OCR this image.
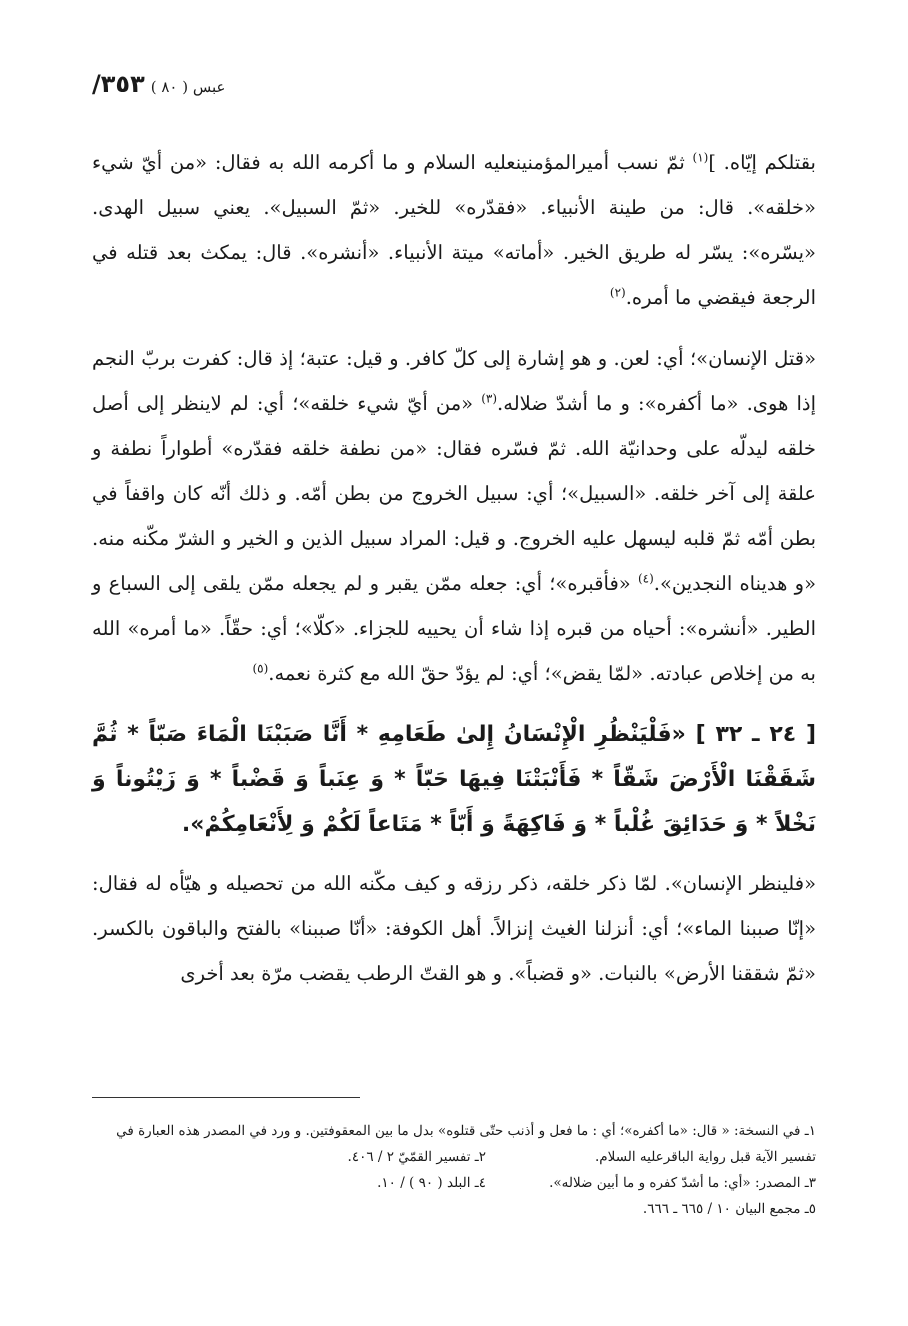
عبس ( ٨٠ )
٣٥٣/

بقتلكم إيّاه. ]$^{(١)}$ ثمّ نسب أميرالمؤمنينعليه السلام و ما أكرمه الله به فقال: «من أيّ شيء «خلقه». قال: من طينة الأنبياء. «فقدّره» للخير. «ثمّ السبيل». يعني سبيل الهدى. «يسّره»: يسّر له طريق الخير. «أماته» ميتة الأنبياء. «أنشره». قال: يمكث بعد قتله في الرجعة فيقضي ما أمره.$^{(٢)}$

«قتل الإنسان»؛ أي: لعن. و هو إشارة إلى كلّ كافر. و قيل: عتبة؛ إذ قال: كفرت بربّ النجم إذا هوى. «ما أكفره»: و ما أشدّ ضلاله.$^{(٣)}$ «من أيّ شيء خلقه»؛ أي: لم لاينظر إلى أصل خلقه ليدلّه على وحدانيّة الله. ثمّ فسّره فقال: «من نطفة خلقه فقدّره» أطواراً نطفة و علقة إلى آخر خلقه. «السبيل»؛ أي: سبيل الخروج من بطن أمّه. و ذلك أنّه كان واقفاً في بطن أمّه ثمّ قلبه ليسهل عليه الخروج. و قيل: المراد سبيل الذين و الخير و الشرّ مكّنه منه. «و هديناه النجدين».$^{(٤)}$ «فأقبره»؛ أي: جعله ممّن يقبر و لم يجعله ممّن يلقى إلى السباع و الطير. «أنشره»: أحياه من قبره إذا شاء أن يحييه للجزاء. «كلّا»؛ أي: حقّاً. «ما أمره» الله به من إخلاص عبادته. «لمّا يقض»؛ أي: لم يؤدّ حقّ الله مع كثرة نعمه.$^{(٥)}$

[ ٢٤ ـ ٣٢ ] «فَلْيَنْظُرِ الْإِنْسَانُ إِلىٰ طَعَامِهِ * أَنَّا صَبَبْنَا الْمَاءَ صَبّاً * ثُمَّ شَقَقْنَا الْأَرْضَ شَقّاً * فَأَنْبَتْنَا فِيهَا حَبّاً * وَ عِنَباً وَ قَضْباً * وَ زَيْتُوناً وَ نَخْلاً * وَ حَدَائِقَ غُلْباً * وَ فَاكِهَةً وَ أَبّاً * مَتَاعاً لَكُمْ وَ لِأَنْعَامِكُمْ».

«فلينظر الإنسان». لمّا ذكر خلقه، ذكر رزقه و كيف مكّنه الله من تحصيله و هيّأه له فقال: «إنّا صببنا الماء»؛ أي: أنزلنا الغيث إنزالاً. أهل الكوفة: «أنّا صببنا» بالفتح والباقون بالكسر. «ثمّ شققنا الأرض» بالنبات. «و قضباً». و هو القتّ الرطب يقضب مرّة بعد أخرى

١ـ في النسخة: « قال: «ما أكفره»؛ أي : ما فعل و أذنب حتّى قتلوه» بدل ما بين المعقوفتين. و ورد في المصدر هذه العبارة في

تفسير الآية قبل رواية الباقرعليه السلام.
٢ـ تفسير القمّيّ ٢ / ٤٠٦.
٣ـ المصدر: «أي: ما أشدّ كفره و ما أبين ضلاله».
٤ـ البلد ( ٩٠ ) / ١٠.

٥ـ مجمع البيان ١٠ / ٦٦٥ ـ ٦٦٦.
